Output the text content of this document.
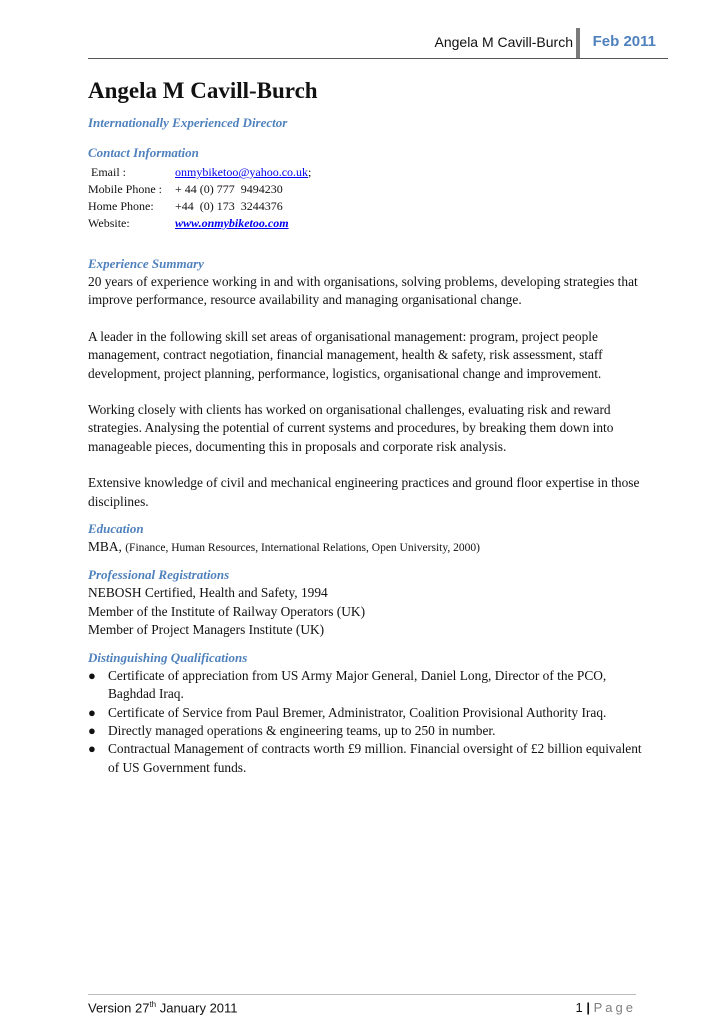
Angela M Cavill-Burch Feb 2011
Angela M Cavill-Burch
Internationally Experienced Director
Contact Information
Email :	onmybiketoo@yahoo.co.uk;
Mobile Phone :	+ 44 (0) 777  9494230
Home Phone:	+44  (0) 173  3244376
Website:	www.onmybiketoo.com
Experience Summary

20 years of experience working in and with organisations, solving problems, developing strategies that improve performance, resource availability and managing organisational change.

A leader in the following skill set areas of organisational management: program, project people management, contract negotiation, financial management, health & safety, risk assessment, staff development, project planning, performance, logistics, organisational change and improvement.

Working closely with clients has worked on organisational challenges, evaluating risk and reward strategies. Analysing the potential of current systems and procedures, by breaking them down into manageable pieces, documenting this in proposals and corporate risk analysis.

Extensive knowledge of civil and mechanical engineering practices and ground floor expertise in those disciplines.

Education

MBA, (Finance, Human Resources, International Relations, Open University, 2000)

Professional Registrations

NEBOSH Certified, Health and Safety, 1994

Member of the Institute of Railway Operators (UK)

Member of Project Managers Institute (UK)

Distinguishing Qualifications
● Certificate of appreciation from US Army Major General, Daniel Long, Director of the PCO, Baghdad Iraq.
● Certificate of Service from Paul Bremer, Administrator, Coalition Provisional Authority Iraq.
● Directly managed operations & engineering teams, up to 250 in number.
● Contractual Management of contracts worth £9 million. Financial oversight of £2 billion equivalent of US Government funds.
Version 27th January 2011	1 | Page
